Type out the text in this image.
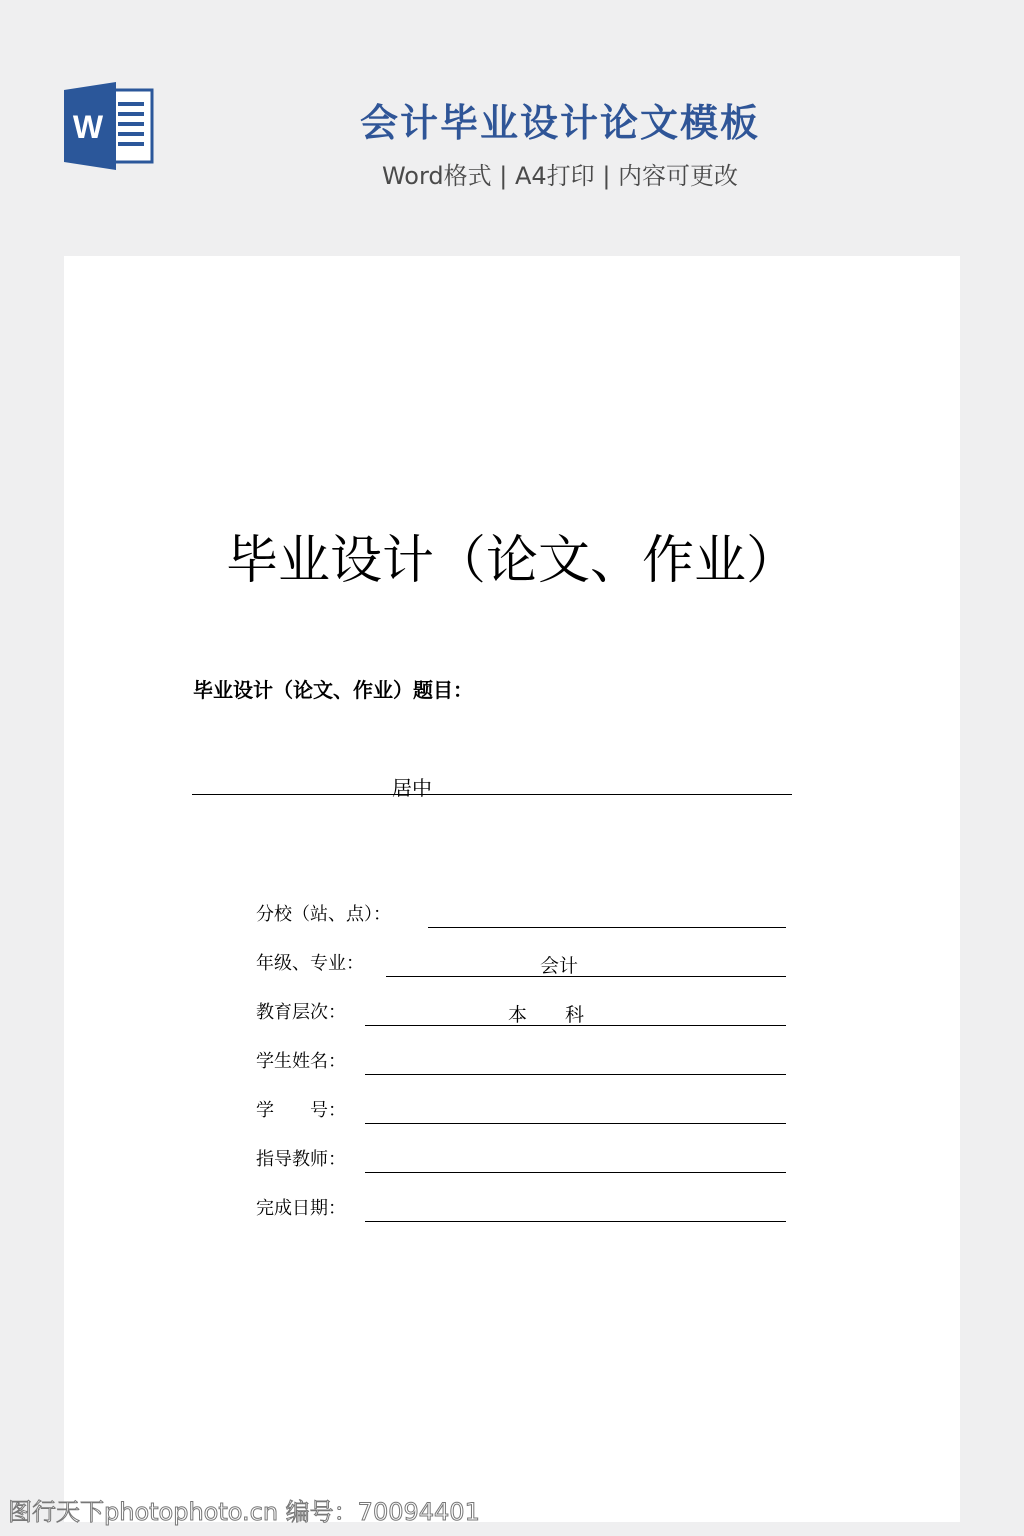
W	会计毕业设计论文模板
Word格式 | A4打印 | 内容可更改
毕业设计（论文、作业）
毕业设计（论文、作业）题目：
居中
分校（站、点）：
年级、专业：	会计
教育层次：	本　　科
学生姓名：
学　　号：
指导教师：
完成日期：
图行天下photophoto.cn 编号：70094401
